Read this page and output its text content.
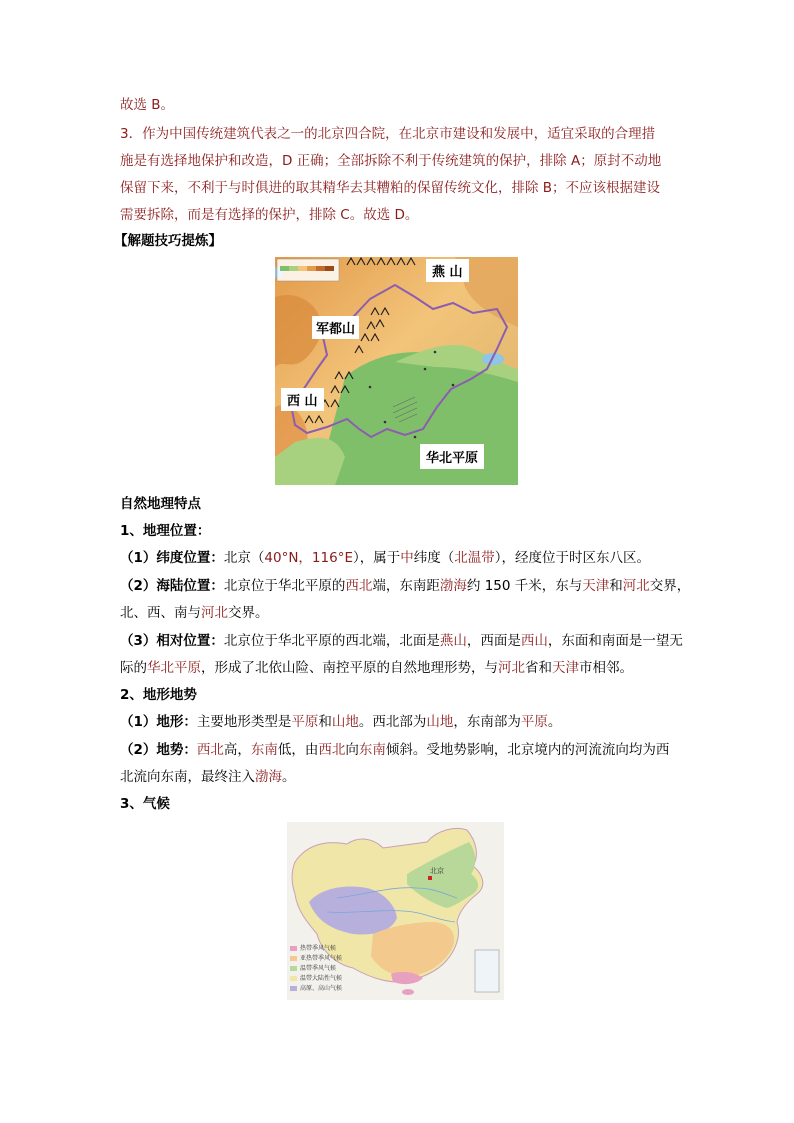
故选 B。
3．作为中国传统建筑代表之一的北京四合院，在北京市建设和发展中，适宜采取的合理措
施是有选择地保护和改造，D 正确；全部拆除不利于传统建筑的保护，排除 A；原封不动地
保留下来，不利于与时俱进的取其精华去其糟粕的保留传统文化，排除 B；不应该根据建设
需要拆除，而是有选择的保护，排除 C。故选 D。
【解题技巧提炼】
燕 山
军都山
西 山
华北平原
自然地理特点
1、地理位置：
（1）纬度位置：北京（40°N，116°E），属于中纬度（北温带），经度位于时区东八区。
（2）海陆位置：北京位于华北平原的西北端，东南距渤海约 150 千米，东与天津和河北交界，
北、西、南与河北交界。
（3）相对位置：北京位于华北平原的西北端，北面是燕山，西面是西山，东面和南面是一望无
际的华北平原，形成了北依山险、南控平原的自然地理形势，与河北省和天津市相邻。
2、地形地势
（1）地形：主要地形类型是平原和山地。西北部为山地，东南部为平原。
（2）地势：西北高，东南低，由西北向东南倾斜。受地势影响，北京境内的河流流向均为西
北流向东南，最终注入渤海。
3、气候
北京
热带季风气候
亚热带季风气候
温带季风气候
温带大陆性气候
高原、高山气候
